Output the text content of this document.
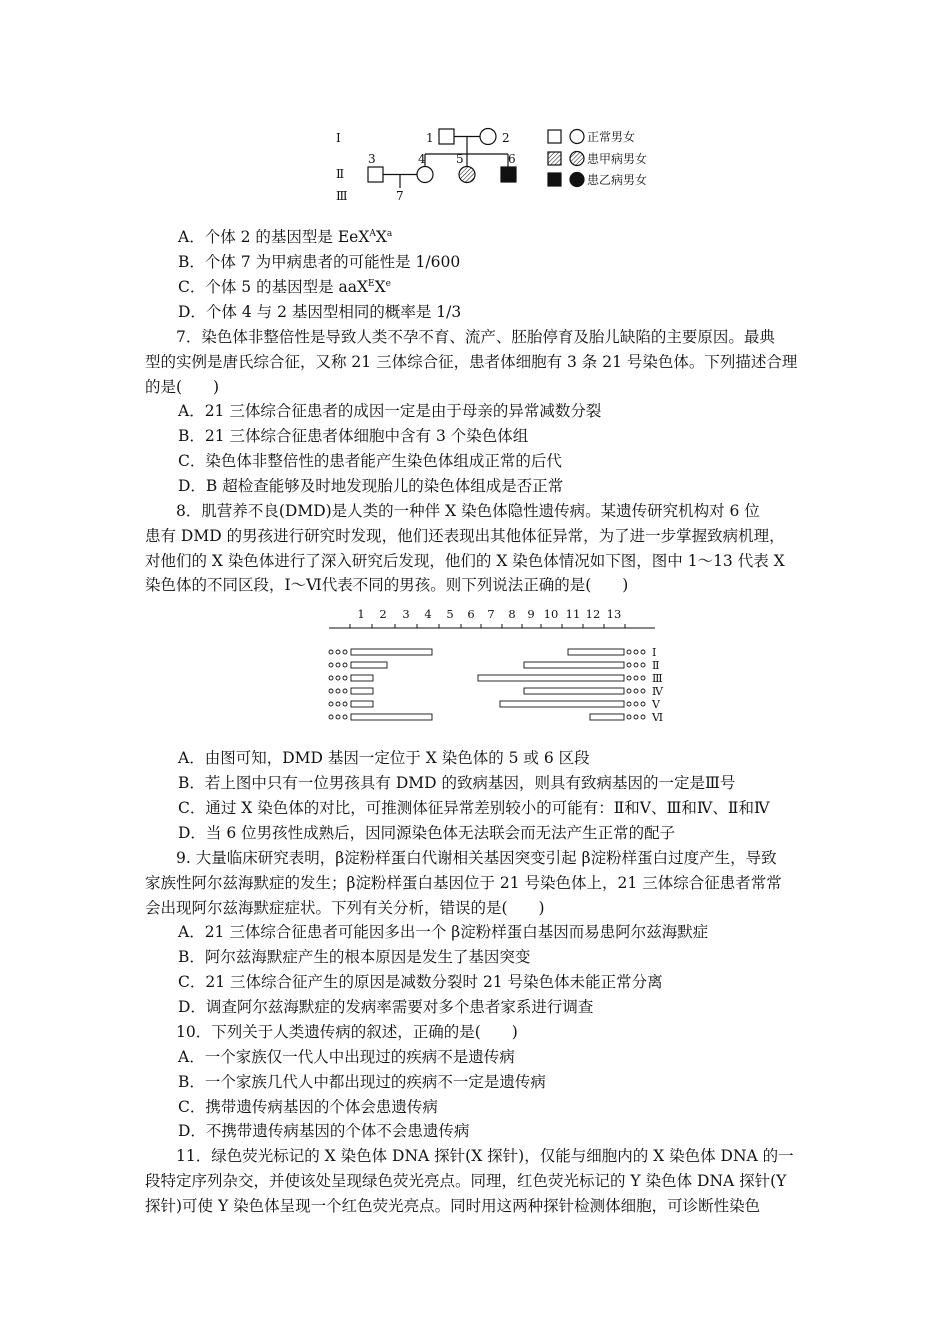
Ⅰ
Ⅱ
Ⅲ
1	2
3	4	5	6
7
正常男女
患甲病男女
患乙病男女
A．个体 2 的基因型是 $EeX^AX^a$
B．个体 7 为甲病患者的可能性是 1/600
C．个体 5 的基因型是 aaX$^E$Xe
D．个体 4 与 2 基因型相同的概率是 1/3
7．染色体非整倍性是导致人类不孕不育、流产、胚胎停育及胎儿缺陷的主要原因。最典
型的实例是唐氏综合征，又称 21 三体综合征，患者体细胞有 3 条 21 号染色体。下列描述合理
的是(　　)
A．21 三体综合征患者的成因一定是由于母亲的异常减数分裂
B．21 三体综合征患者体细胞中含有 3 个染色体组
C．染色体非整倍性的患者能产生染色体组成正常的后代
D．B 超检查能够及时地发现胎儿的染色体组成是否正常
8．肌营养不良(DMD)是人类的一种伴 X 染色体隐性遗传病。某遗传研究机构对 6 位
患有 DMD 的男孩进行研究时发现，他们还表现出其他体征异常，为了进一步掌握致病机理，
对他们的 X 染色体进行了深入研究后发现，他们的 X 染色体情况如下图，图中 1～13 代表 X
染色体的不同区段，Ⅰ～Ⅵ代表不同的男孩。则下列说法正确的是(　　)
1 2 3 4 5 6 7 8 9 10 11 12 13
Ⅰ
Ⅱ
Ⅲ
Ⅳ
Ⅴ
Ⅵ
A．由图可知，DMD 基因一定位于 X 染色体的 5 或 6 区段
B．若上图中只有一位男孩具有 DMD 的致病基因，则具有致病基因的一定是Ⅲ号
C．通过 X 染色体的对比，可推测体征异常差别较小的可能有：Ⅱ和Ⅴ、Ⅲ和Ⅳ、Ⅱ和Ⅳ
D．当 6 位男孩性成熟后，因同源染色体无法联会而无法产生正常的配子
9. 大量临床研究表明，β淀粉样蛋白代谢相关基因突变引起 β淀粉样蛋白过度产生，导致
家族性阿尔兹海默症的发生；β淀粉样蛋白基因位于 21 号染色体上，21 三体综合征患者常常
会出现阿尔兹海默症症状。下列有关分析，错误的是(　　)
A．21 三体综合征患者可能因多出一个 β淀粉样蛋白基因而易患阿尔兹海默症
B．阿尔兹海默症产生的根本原因是发生了基因突变
C．21 三体综合征产生的原因是减数分裂时 21 号染色体未能正常分离
D．调查阿尔兹海默症的发病率需要对多个患者家系进行调查
10．下列关于人类遗传病的叙述，正确的是(　　)
A．一个家族仅一代人中出现过的疾病不是遗传病
B．一个家族几代人中都出现过的疾病不一定是遗传病
C．携带遗传病基因的个体会患遗传病
D．不携带遗传病基因的个体不会患遗传病
11．绿色荧光标记的 X 染色体 DNA 探针(X 探针)，仅能与细胞内的 X 染色体 DNA 的一
段特定序列杂交，并使该处呈现绿色荧光亮点。同理，红色荧光标记的 Y 染色体 DNA 探针(Y
探针)可使 Y 染色体呈现一个红色荧光亮点。同时用这两种探针检测体细胞，可诊断性染色
